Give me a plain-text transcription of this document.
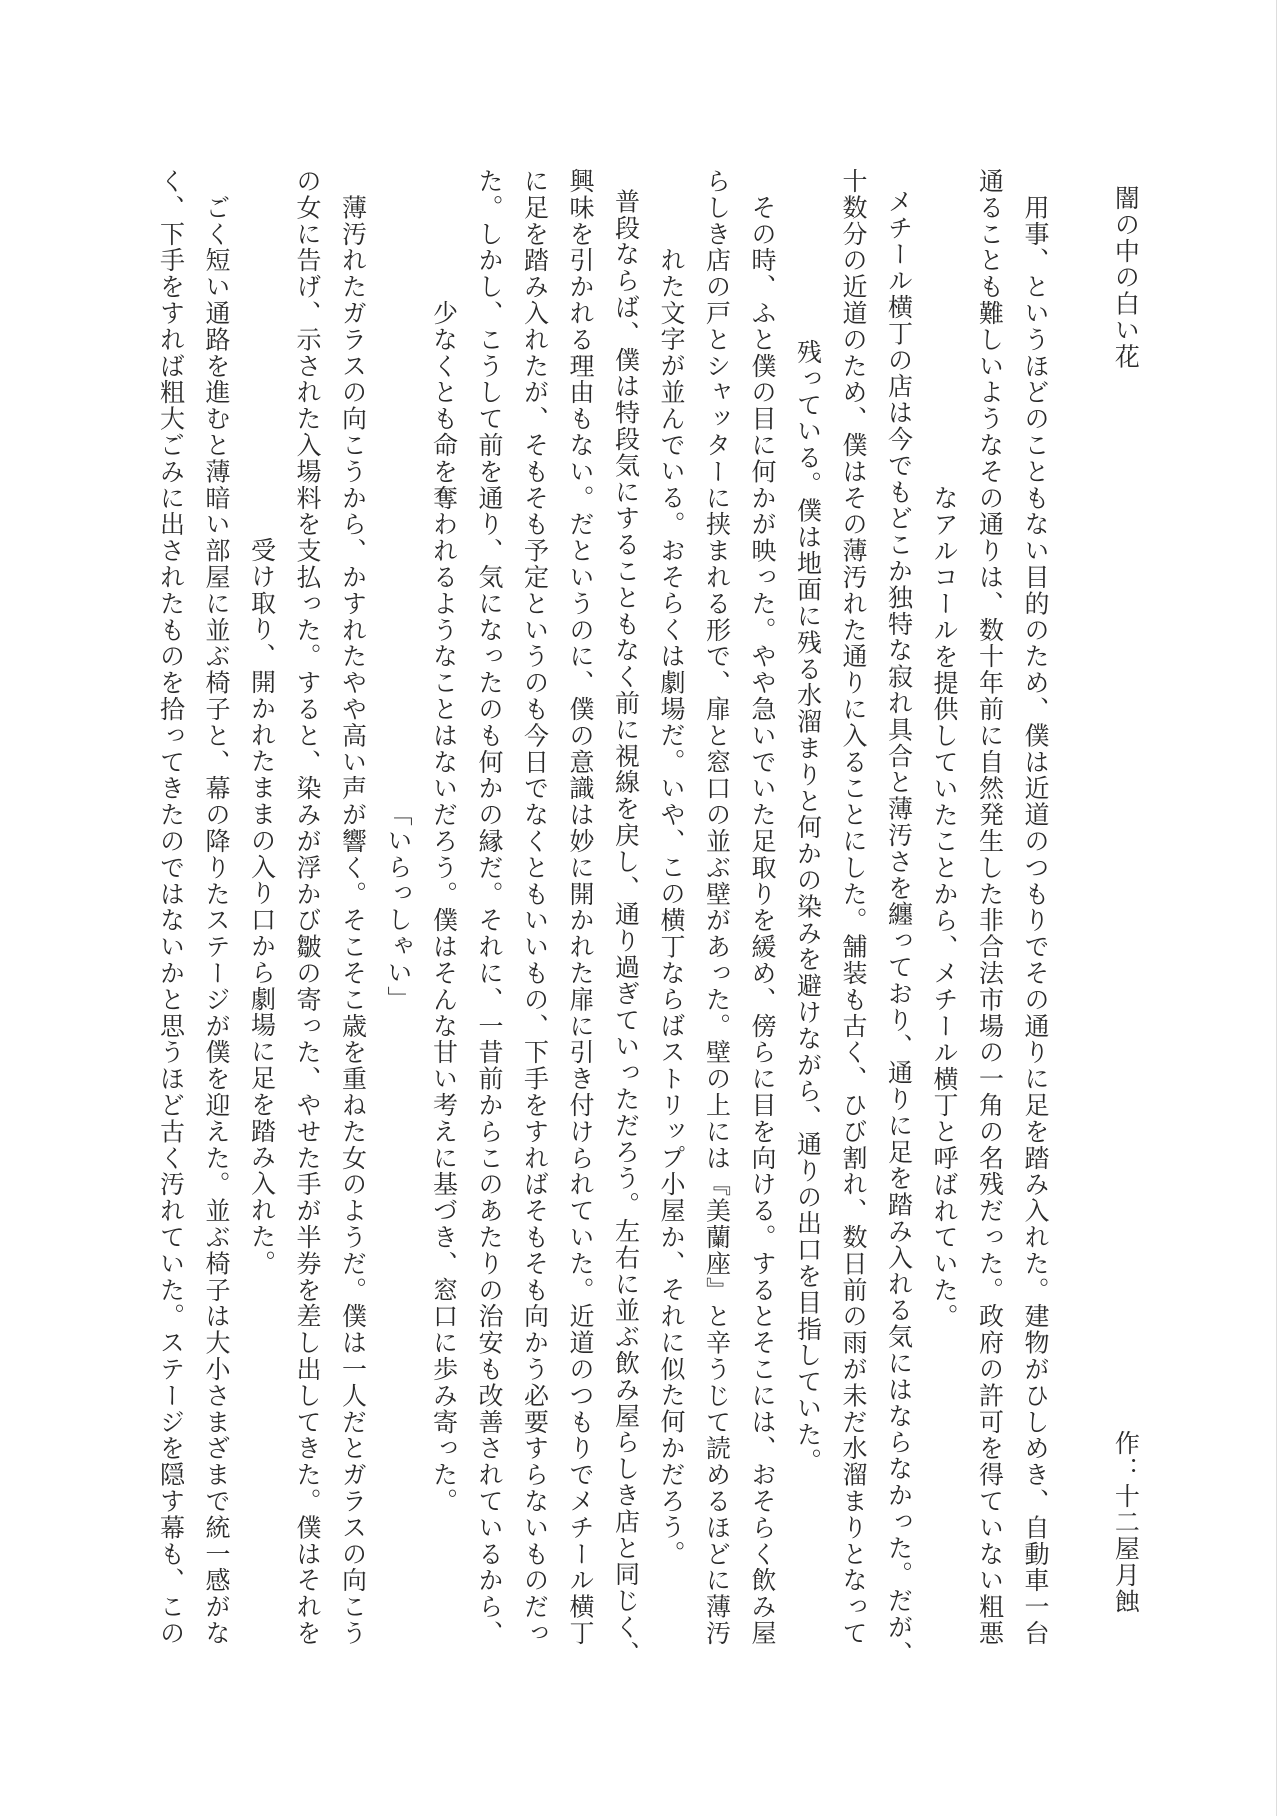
闇の中の白い花
作：十二屋月蝕
　用事、というほどのこともない目的のため、僕は近道のつもりでその通りに足を踏み入れた。建物がひしめき、自動車一台
通ることも難しいようなその通りは、数十年前に自然発生した非合法市場の一角の名残だった。政府の許可を得ていない粗悪
なアルコールを提供していたことから、メチール横丁と呼ばれていた。
　メチール横丁の店は今でもどこか独特な寂れ具合と薄汚さを纏っており、通りに足を踏み入れる気にはならなかった。だが、
十数分の近道のため、僕はその薄汚れた通りに入ることにした。舗装も古く、ひび割れ、数日前の雨が未だ水溜まりとなって
残っている。僕は地面に残る水溜まりと何かの染みを避けながら、通りの出口を目指していた。
　その時、ふと僕の目に何かが映った。やや急いでいた足取りを緩め、傍らに目を向ける。するとそこには、おそらく飲み屋
らしき店の戸とシャッターに挟まれる形で、扉と窓口の並ぶ壁があった。壁の上には『美蘭座』と辛うじて読めるほどに薄汚
れた文字が並んでいる。おそらくは劇場だ。いや、この横丁ならばストリップ小屋か、それに似た何かだろう。
　普段ならば、僕は特段気にすることもなく前に視線を戻し、通り過ぎていっただろう。左右に並ぶ飲み屋らしき店と同じく、
興味を引かれる理由もない。だというのに、僕の意識は妙に開かれた扉に引き付けられていた。近道のつもりでメチール横丁
に足を踏み入れたが、そもそも予定というのも今日でなくともいいもの、下手をすればそもそも向かう必要すらないものだっ
た。しかし、こうして前を通り、気になったのも何かの縁だ。それに、一昔前からこのあたりの治安も改善されているから、
少なくとも命を奪われるようなことはないだろう。僕はそんな甘い考えに基づき、窓口に歩み寄った。
「いらっしゃい」
　薄汚れたガラスの向こうから、かすれたやや高い声が響く。そこそこ歳を重ねた女のようだ。僕は一人だとガラスの向こう
の女に告げ、示された入場料を支払った。すると、染みが浮かび皺の寄った、やせた手が半券を差し出してきた。僕はそれを
受け取り、開かれたままの入り口から劇場に足を踏み入れた。
　ごく短い通路を進むと薄暗い部屋に並ぶ椅子と、幕の降りたステージが僕を迎えた。並ぶ椅子は大小さまざまで統一感がな
く、下手をすれば粗大ごみに出されたものを拾ってきたのではないかと思うほど古く汚れていた。ステージを隠す幕も、この
